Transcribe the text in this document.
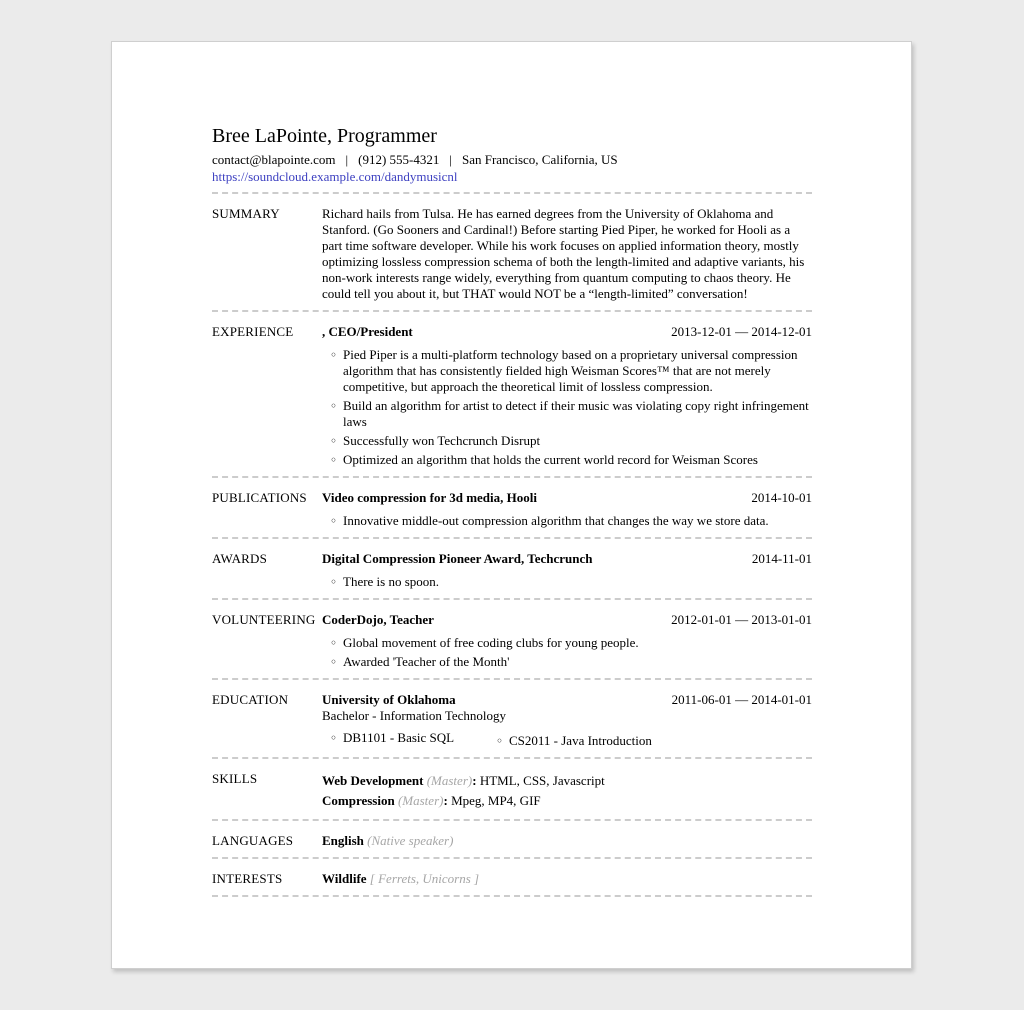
Bree LaPointe, Programmer
contact@blapointe.com | (912) 555-4321 | San Francisco, California, US
https://soundcloud.example.com/dandymusicnl
SUMMARY	Richard hails from Tulsa. He has earned degrees from the University of Oklahoma and Stanford. (Go Sooners and Cardinal!) Before starting Pied Piper, he worked for Hooli as a part time software developer. While his work focuses on applied information theory, mostly optimizing lossless compression schema of both the length-limited and adaptive variants, his non-work interests range widely, everything from quantum computing to chaos theory. He could tell you about it, but THAT would NOT be a “length-limited” conversation!

EXPERIENCE	, CEO/President	2013-12-01 — 2014-12-01
◦ Pied Piper is a multi-platform technology based on a proprietary universal compression algorithm that has consistently fielded high Weisman Scores™ that are not merely competitive, but approach the theoretical limit of lossless compression.
◦ Build an algorithm for artist to detect if their music was violating copy right infringement laws
◦ Successfully won Techcrunch Disrupt
◦ Optimized an algorithm that holds the current world record for Weisman Scores
PUBLICATIONS	Video compression for 3d media, Hooli	2014-10-01
◦ Innovative middle-out compression algorithm that changes the way we store data.
AWARDS	Digital Compression Pioneer Award, Techcrunch	2014-11-01
◦ There is no spoon.
VOLUNTEERING CoderDojo, Teacher	2012-01-01 — 2013-01-01
◦ Global movement of free coding clubs for young people.
◦ Awarded 'Teacher of the Month'
EDUCATION	University of Oklahoma	2011-06-01 — 2014-01-01
Bachelor - Information Technology
◦ DB1101 - Basic SQL	◦ CS2011 - Java Introduction
SKILLS	Web Development (Master): HTML, CSS, Javascript
Compression (Master): Mpeg, MP4, GIF
LANGUAGES	English (Native speaker)
INTERESTS	Wildlife [ Ferrets, Unicorns ]
